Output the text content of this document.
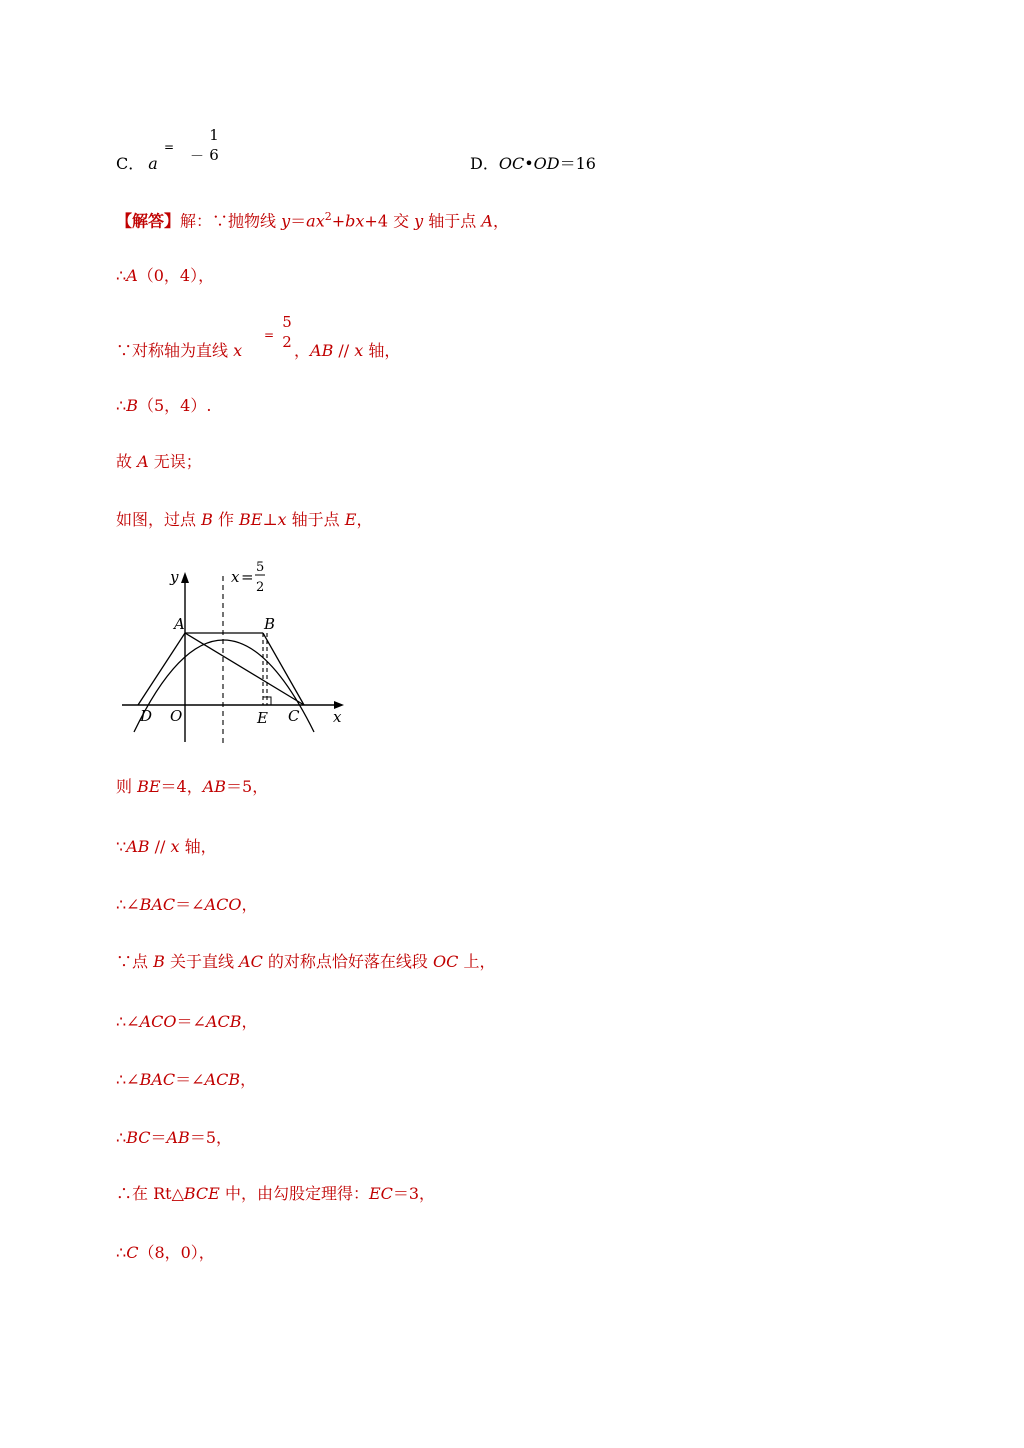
C． a
=
－
1
6	D．OC•OD＝16
【解答】解：∵抛物线 $y=ax^2+bx+4$ 交 y 轴于点 A，
∴A（0，4），
∵对称轴为直线 x
=
5
2 ，AB // x 轴，
∴B（5，4）.
故 A 无误；
如图，过点 B 作 BE⊥x 轴于点 E，
y
x
A	B
D O	E C
x =
5
2
则 BE＝4，AB＝5，
∵AB // x 轴，
∴∠BAC＝∠ACO，
∵点 B 关于直线 AC 的对称点恰好落在线段 OC 上，
∴∠ACO＝∠ACB，
∴∠BAC＝∠ACB，
∴BC＝AB＝5，
∴在 Rt△BCE 中，由勾股定理得：EC＝3，
∴C（8，0），
